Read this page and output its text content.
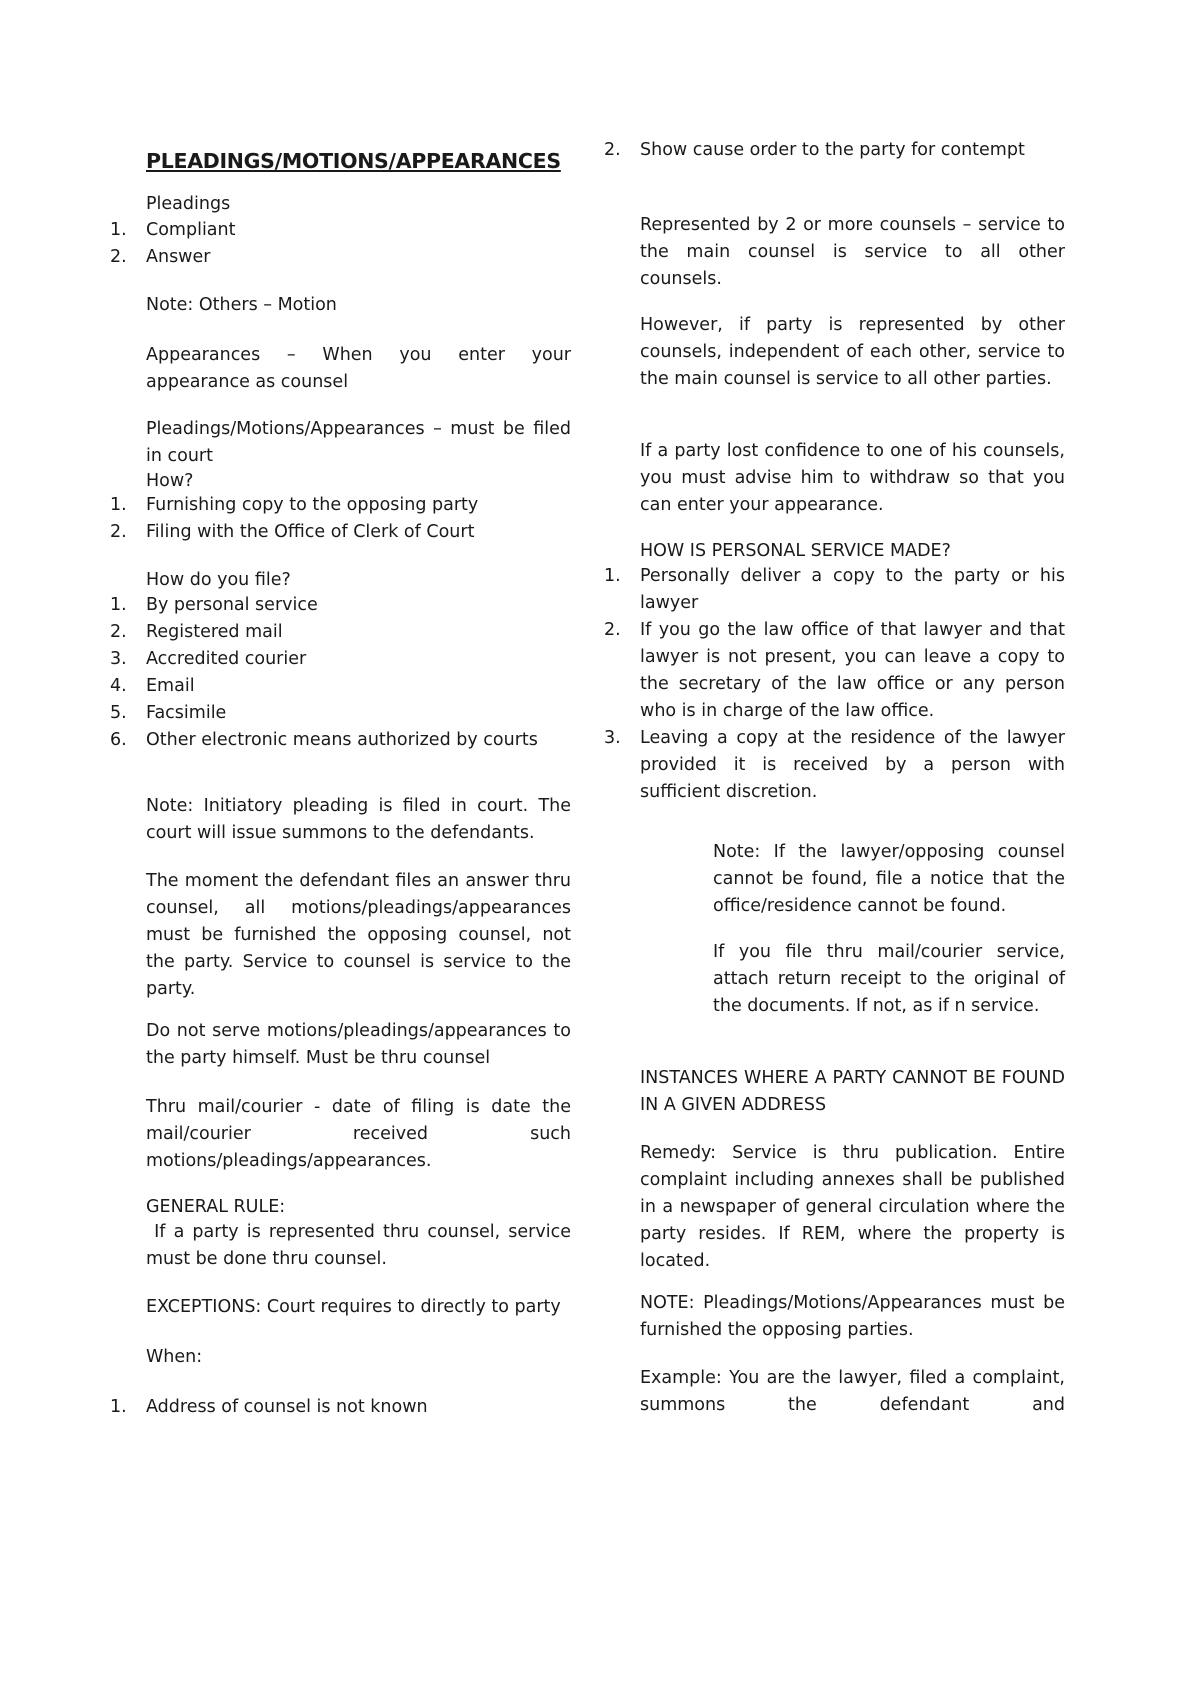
PLEADINGS/MOTIONS/APPEARANCES
Pleadings
1. Compliant
2. Answer
Note: Others – Motion
Appearances – When you enter your appearance as counsel
Pleadings/Motions/Appearances – must be filed in court
How?
1. Furnishing copy to the opposing party
2. Filing with the Office of Clerk of Court
How do you file?
1. By personal service
2. Registered mail
3. Accredited courier
4. Email
5. Facsimile
6. Other electronic means authorized by courts
Note: Initiatory pleading is filed in court. The court will issue summons to the defendants.
The moment the defendant files an answer thru counsel, all motions/pleadings/appearances must be furnished the opposing counsel, not the party. Service to counsel is service to the party.
Do not serve motions/pleadings/appearances to the party himself. Must be thru counsel
Thru mail/courier - date of filing is date the mail/courier received such motions/pleadings/appearances.
GENERAL RULE:
If a party is represented thru counsel, service must be done thru counsel.
EXCEPTIONS: Court requires to directly to party
When:
1. Address of counsel is not known
2. Show cause order to the party for contempt
Represented by 2 or more counsels – service to the main counsel is service to all other counsels.
However, if party is represented by other counsels, independent of each other, service to the main counsel is service to all other parties.
If a party lost confidence to one of his counsels, you must advise him to withdraw so that you can enter your appearance.
HOW IS PERSONAL SERVICE MADE?
1. Personally deliver a copy to the party or his lawyer
2. If you go the law office of that lawyer and that lawyer is not present, you can leave a copy to the secretary of the law office or any person who is in charge of the law office.
3. Leaving a copy at the residence of the lawyer provided it is received by a person with sufficient discretion.
Note: If the lawyer/opposing counsel cannot be found, file a notice that the office/residence cannot be found.
If you file thru mail/courier service, attach return receipt to the original of the documents. If not, as if n service.
INSTANCES WHERE A PARTY CANNOT BE FOUND IN A GIVEN ADDRESS
Remedy: Service is thru publication. Entire complaint including annexes shall be published in a newspaper of general circulation where the party resides. If REM, where the property is located.
NOTE: Pleadings/Motions/Appearances must be furnished the opposing parties.
Example: You are the lawyer, filed a complaint, summons the defendant and
